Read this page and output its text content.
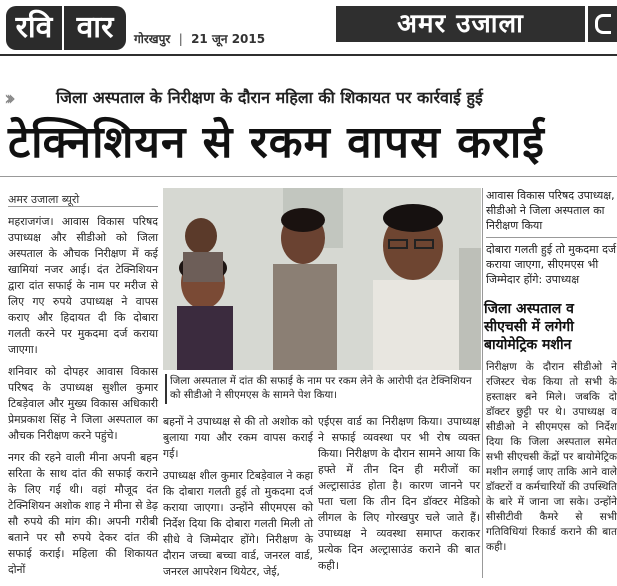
रवि वार	गोरखपुर | 21 जून 2015	अमर उजाला
›››	जिला अस्पताल के निरीक्षण के दौरान महिला की शिकायत पर कार्रवाई हुई
टेक्निशियन से रकम वापस कराई
अमर उजाला ब्यूरो

महराजगंज। आवास विकास परिषद उपाध्यक्ष और सीडीओ को जिला अस्पताल के औचक निरीक्षण में कई खामियां नजर आई। दंत टेक्निशियन द्वारा दांत सफाई के नाम पर मरीज से लिए गए रुपये उपाध्यक्ष ने वापस कराए और हिदायत दी कि दोबारा गलती करने पर मुकदमा दर्ज कराया जाएगा।

शनिवार को दोपहर आवास विकास परिषद के उपाध्यक्ष सुशील कुमार टिबड़ेवाल और मुख्य विकास अधिकारी प्रेमप्रकाश सिंह ने जिला अस्पताल का औचक निरीक्षण करने पहुंचे।

नगर की रहने वाली मीना अपनी बहन सरिता के साथ दांत की सफाई कराने के लिए गई थी। वहां मौजूद दंत टेक्निशियन अशोक शाह ने मीना से डेढ़ सौ रुपये की मांग की। अपनी गरीबी बताने पर सौ रुपये देकर दांत की सफाई कराई। महिला की शिकायत दोनों

जिला अस्पताल में दांत की सफाई के नाम पर रकम लेने के आरोपी दंत टेक्निशियन को सीडीओ ने सीएमएस के सामने पेश किया।

बहनों ने उपाध्यक्ष से की तो अशोक को बुलाया गया और रकम वापस कराई गई।

उपाध्यक्ष शील कुमार टिबड़ेवाल ने कहा कि दोबारा गलती हुई तो मुकदमा दर्ज कराया जाएगा। उन्होंने सीएमएस को निर्देश दिया कि दोबारा गलती मिली तो सीधे वे जिम्मेदार होंगे। निरीक्षण के दौरान जच्चा बच्चा वार्ड, जनरल वार्ड, जनरल आपरेशन थियेटर, जेई,

एईएस वार्ड का निरीक्षण किया। उपाध्यक्ष ने सफाई व्यवस्था पर भी रोष व्यक्त किया। निरीक्षण के दौरान सामने आया कि हफ्ते में तीन दिन ही मरीजों का अल्ट्रासाउंड होता है। कारण जानने पर पता चला कि तीन दिन डॉक्टर मेडिको लीगल के लिए गोरखपुर चले जाते हैं। उपाध्यक्ष ने व्यवस्था समाप्त कराकर प्रत्येक दिन अल्ट्रासाउंड कराने की बात कही।

आवास विकास परिषद उपाध्यक्ष, सीडीओ ने जिला अस्पताल का निरीक्षण किया

दोबारा गलती हुई तो मुकदमा दर्ज कराया जाएगा, सीएमएस भी जिम्मेदार होंगे: उपाध्यक्ष

जिला अस्पताल व सीएचसी में लगेगी बायोमेट्रिक मशीन
निरीक्षण के दौरान सीडीओ ने रजिस्टर चेक किया तो सभी के हस्ताक्षर बने मिले। जबकि दो डॉक्टर छुट्टी पर थे। उपाध्यक्ष व सीडीओ ने सीएमएस को निर्देश दिया कि जिला अस्पताल समेत सभी सीएचसी केंद्रों पर बायोमेट्रिक मशीन लगाई जाए ताकि आने वाले डॉक्टरों व कर्मचारियों की उपस्थिति के बारे में जाना जा सके। उन्होंने सीसीटीवी कैमरे से सभी गतिविधियां रिकार्ड कराने की बात कही।
